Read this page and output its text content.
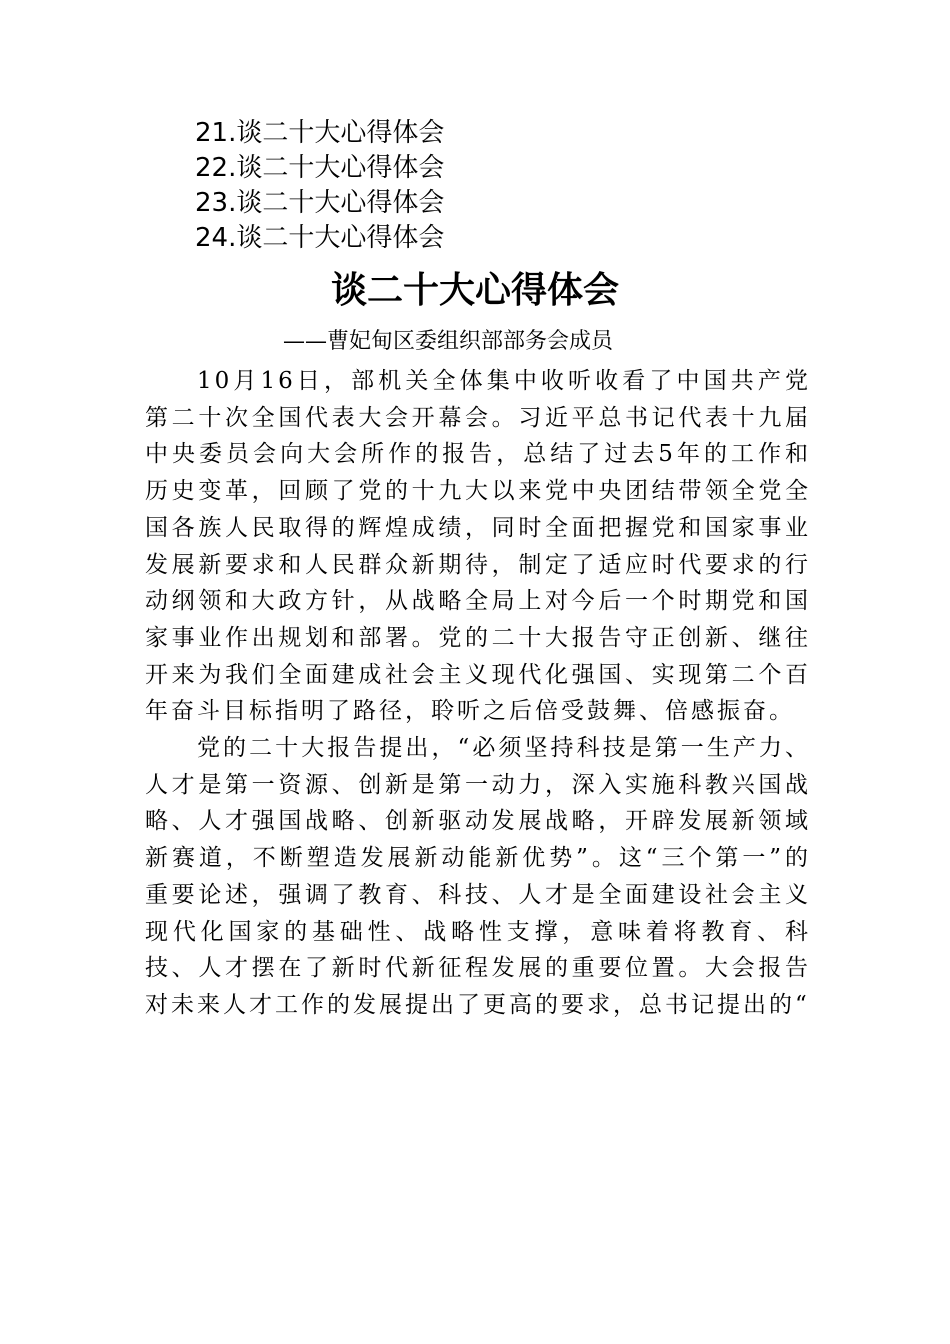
21.谈二十大心得体会
22.谈二十大心得体会
23.谈二十大心得体会
24.谈二十大心得体会
谈二十大心得体会
——曹妃甸区委组织部部务会成员

10月16日，部机关全体集中收听收看了中国共产党第二十次全国代表大会开幕会。习近平总书记代表十九届中央委员会向大会所作的报告，总结了过去5年的工作和历史变革，回顾了党的十九大以来党中央团结带领全党全国各族人民取得的辉煌成绩，同时全面把握党和国家事业发展新要求和人民群众新期待，制定了适应时代要求的行动纲领和大政方针，从战略全局上对今后一个时期党和国家事业作出规划和部署。党的二十大报告守正创新、继往开来为我们全面建成社会主义现代化强国、实现第二个百年奋斗目标指明了路径，聆听之后倍受鼓舞、倍感振奋。

党的二十大报告提出，“必须坚持科技是第一生产力、人才是第一资源、创新是第一动力，深入实施科教兴国战略、人才强国战略、创新驱动发展战略，开辟发展新领域新赛道，不断塑造发展新动能新优势”。这“三个第一”的重要论述，强调了教育、科技、人才是全面建设社会主义现代化国家的基础性、战略性支撑，意味着将教育、科技、人才摆在了新时代新征程发展的重要位置。大会报告对未来人才工作的发展提出了更高的要求，总书记提出的“
